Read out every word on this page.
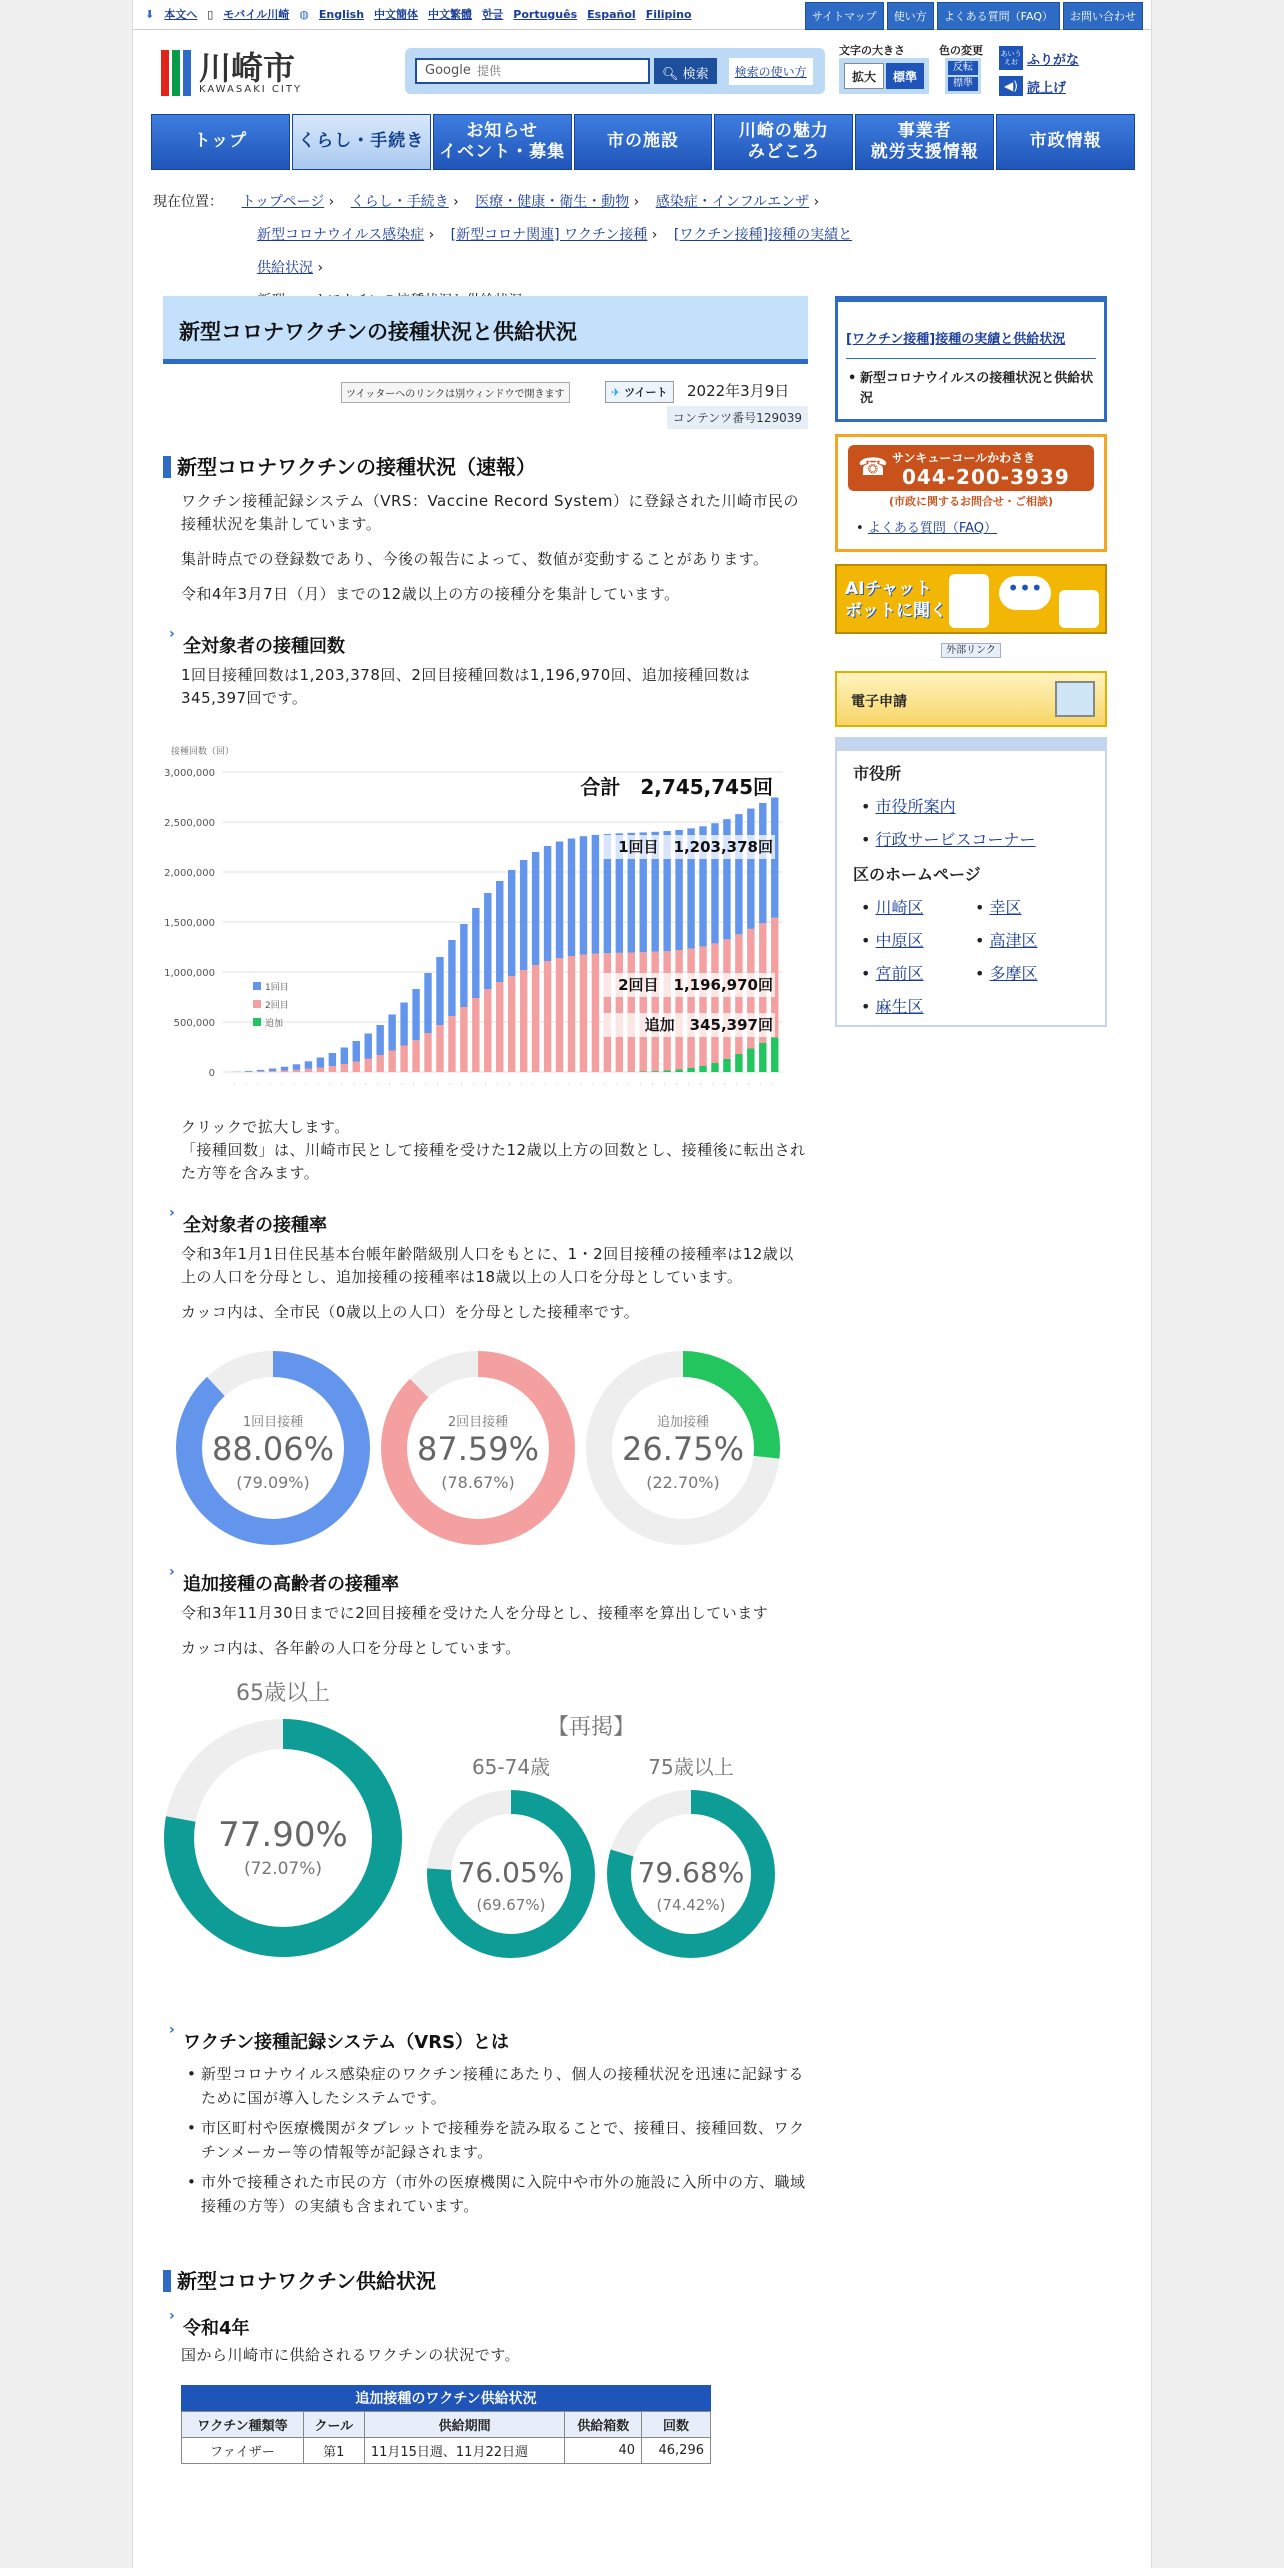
⬇ 本文へ ▯ モバイル川崎 ◍ English 中文簡体 中文繁體 한글 Português Español Filipino	サイトマップ	使い方	よくある質問（FAQ）	お問い合わせ
川崎市
KAWASAKI CITY
提供
Google	🔍︎ 検索	検索の使い方
文字の大きさ
拡大	標準
色の変更
反転
標準
あいうえお ふりがな
◀) 読上げ
トップ	くらし・手続き
お知らせ
イベント・募集
市の施設
川崎の魅力
みどころ
事業者
就労支援情報
市政情報
現在位置： トップページ › くらし・手続き › 医療・健康・衛生・動物 › 感染症・インフルエンザ ›
新型コロナウイルス感染症 › [新型コロナ関連] ワクチン接種 › [ワクチン接種]接種の実績と供給状況 ›
新型コロナワクチンの接種状況と供給状況
ツイッターへのリンクは別ウィンドウで開きます	✈ ツイート	2022年3月9日
コンテンツ番号129039
新型コロナワクチンの接種状況（速報）
ワクチン接種記録システム（VRS：Vaccine Record System）に登録された川崎市民の接種状況を集計しています。
集計時点での登録数であり、今後の報告によって、数値が変動することがあります。
令和4年3月7日（月）までの12歳以上の方の接種分を集計しています。
› 全対象者の接種回数
1回目接種回数は1,203,378回、2回目接種回数は1,196,970回、追加接種回数は345,397回です。
接種回数（回）
3,000,000
2,500,000
2,000,000
1,500,000
1,000,000
500,000
0
· · · · · · · · · · · · · · · · · · · · · · · · · · · · · · · · · · · · · · · · · · · · · ·
1回目
2回目
追加
合計　2,745,745回
1回目　1,203,378回
2回目　1,196,970回
追加　345,397回
クリックで拡大します。
「接種回数」は、川崎市民として接種を受けた12歳以上方の回数とし、接種後に転出された方等を含みます。
› 全対象者の接種率
令和3年1月1日住民基本台帳年齢階級別人口をもとに、1・2回目接種の接種率は12歳以上の人口を分母とし、追加接種の接種率は18歳以上の人口を分母としています。
カッコ内は、全市民（0歳以上の人口）を分母とした接種率です。
1回目接種
88.06%
(79.09%)
2回目接種
87.59%
(78.67%)
追加接種
26.75%
(22.70%)
› 追加接種の高齢者の接種率
令和3年11月30日までに2回目接種を受けた人を分母とし、接種率を算出しています
カッコ内は、各年齢の人口を分母としています。
65歳以上
77.90%
(72.07%)
【再掲】
65-74歳
76.05%
(69.67%)
75歳以上
79.68%
(74.42%)
› ワクチン接種記録システム（VRS）とは
• 新型コロナウイルス感染症のワクチン接種にあたり、個人の接種状況を迅速に記録するために国が導入したシステムです。
• 市区町村や医療機関がタブレットで接種券を読み取ることで、接種日、接種回数、ワクチンメーカー等の情報等が記録されます。
• 市外で接種された市民の方（市外の医療機関に入院中や市外の施設に入所中の方、職域接種の方等）の実績も含まれています。
新型コロナワクチン供給状況
› 令和4年
国から川崎市に供給されるワクチンの状況です。
追加接種のワクチン供給状況
ワクチン種類等	クール	供給期間	供給箱数	回数
ファイザー	第1	11月15日週、11月22日週	40	46,296
[ワクチン接種]接種の実績と供給状況
• 新型コロナウイルスの接種状況と供給状況
☎ サンキューコールかわさき
044-200-3939
(市政に関するお問合せ・ご相談)
• よくある質問（FAQ）
AIチャット
ボットに聞く
•••
外部リンク
電子申請
市役所
• 市役所案内
• 行政サービスコーナー
区のホームページ
• 川崎区	• 幸区
• 中原区	• 高津区
• 宮前区	• 多摩区
• 麻生区
